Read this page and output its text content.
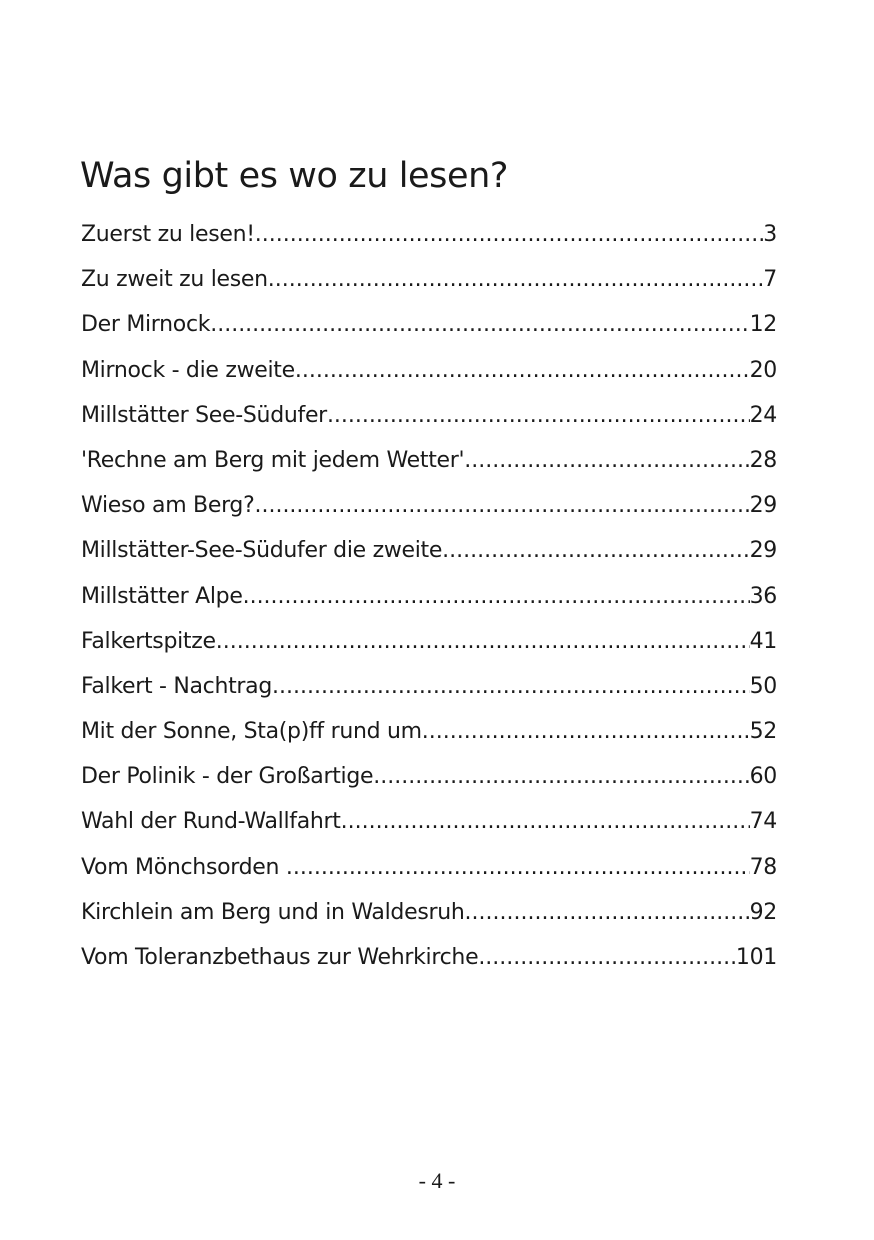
Was gibt es wo zu lesen?
Zuerst zu lesen! .....	3
Zu zweit zu lesen .....	7
Der Mirnock .....	12
Mirnock - die zweite .....	20
Millstätter See-Südufer .....	24
'Rechne am Berg mit jedem Wetter' .....	28
Wieso am Berg? .....	29
Millstätter-See-Südufer die zweite .....	29
Millstätter Alpe .....	36
Falkertspitze .....	41
Falkert - Nachtrag .....	50
Mit der Sonne, Sta(p)ff rund um .....	52
Der Polinik - der Großartige .....	60
Wahl der Rund-Wallfahrt .....	74
Vom Mönchsorden .....	78
Kirchlein am Berg und in Waldesruh .....	92
Vom Toleranzbethaus zur Wehrkirche .....	101
- 4 -
